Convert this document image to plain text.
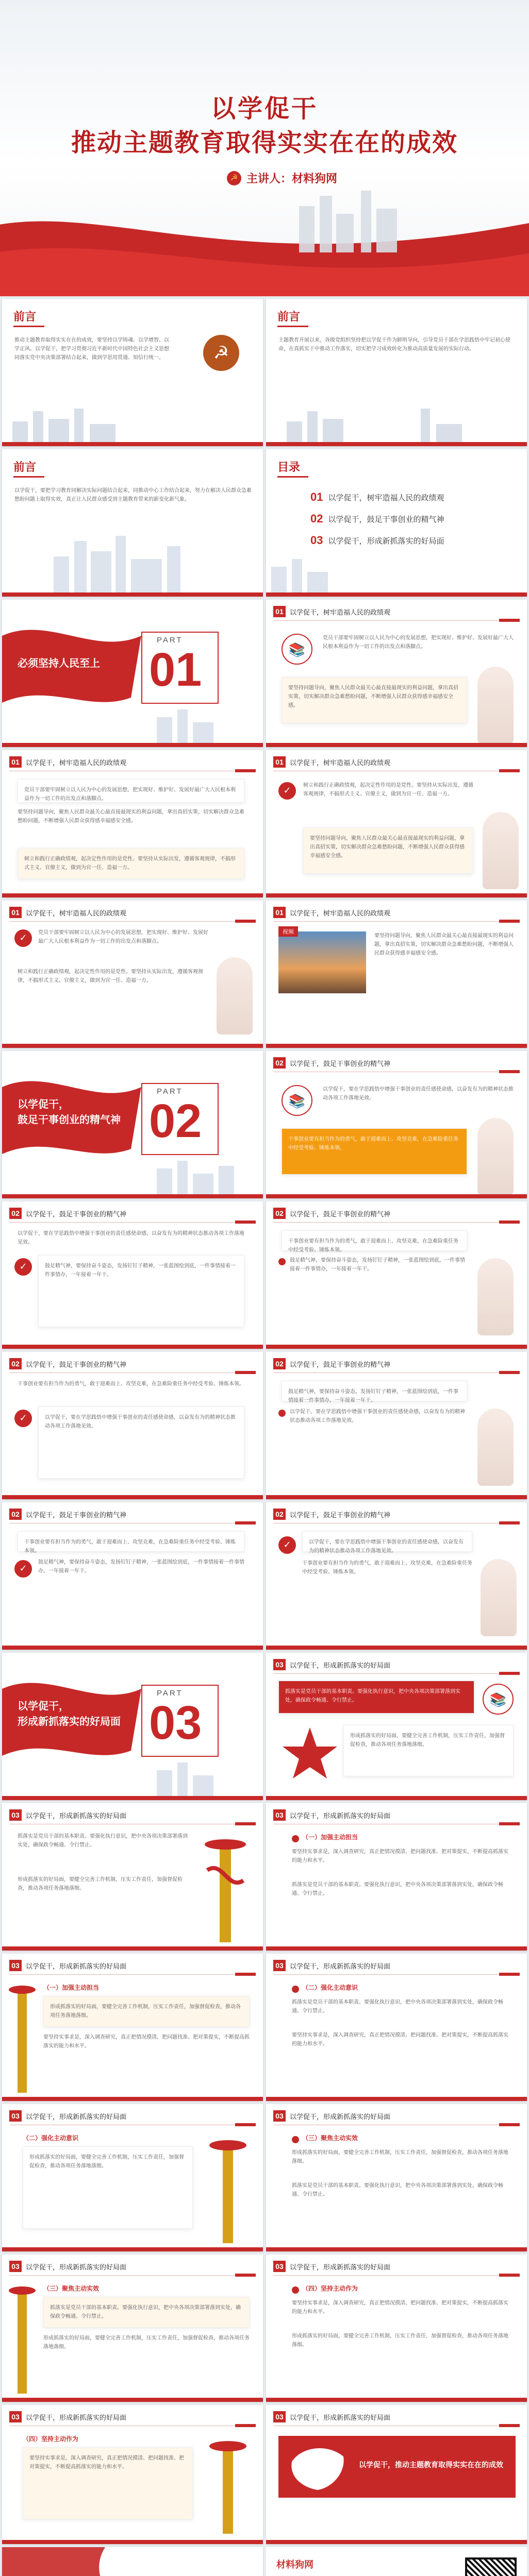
以学促干
推动主题教育取得实实在在的成效
☭ 主讲人：材料狗网
前言

推动主题教育取得实实在在的成效，要坚持以学铸魂、以学增智、以学正风、以学促干，把学习贯彻习近平新时代中国特色社会主义思想同落实党中央决策部署结合起来，做到学思用贯通、知信行统一。	☭
前言

主题教育开展以来，各级党组织坚持把以学促干作为鲜明导向，引导党员干部在学思践悟中牢记初心使命，在真抓实干中推动工作落实，切实把学习成效转化为推动高质量发展的实际行动。

前言

以学促干，要把学习教育同解决实际问题结合起来，同推动中心工作结合起来，努力在解决人民群众急难愁盼问题上取得实效，真正让人民群众感受到主题教育带来的新变化新气象。

目录
01 以学促干，树牢造福人民的政绩观
02 以学促干，鼓足干事创业的精气神
03 以学促干，形成新抓落实的好局面
必须坚持人民至上
PART
01
01 以学促干，树牢造福人民的政绩观
📚

党员干部要牢固树立以人民为中心的发展思想，把实现好、维护好、发展好最广大人民根本利益作为一切工作的出发点和落脚点。

要坚持问题导向，聚焦人民群众最关心最直接最现实的利益问题，拿出真招实策，切实解决群众急难愁盼问题，不断增强人民群众获得感幸福感安全感。
01 以学促干，树牢造福人民的政绩观
党员干部要牢固树立以人民为中心的发展思想，把实现好、维护好、发展好最广大人民根本利益作为一切工作的出发点和落脚点。

要坚持问题导向，聚焦人民群众最关心最直接最现实的利益问题，拿出真招实策，切实解决群众急难愁盼问题，不断增强人民群众获得感幸福感安全感。

树立和践行正确政绩观，起决定性作用的是党性。要坚持从实际出发，遵循客观规律，不搞形式主义、官僚主义，做到为官一任、造福一方。
01 以学促干，树牢造福人民的政绩观
✓	树立和践行正确政绩观，起决定性作用的是党性。要坚持从实际出发，遵循客观规律，不搞形式主义、官僚主义，做到为官一任、造福一方。

要坚持问题导向，聚焦人民群众最关心最直接最现实的利益问题，拿出真招实策，切实解决群众急难愁盼问题，不断增强人民群众获得感幸福感安全感。
01 以学促干，树牢造福人民的政绩观
✓	党员干部要牢固树立以人民为中心的发展思想，把实现好、维护好、发展好最广大人民根本利益作为一切工作的出发点和落脚点。

树立和践行正确政绩观，起决定性作用的是党性。要坚持从实际出发，遵循客观规律，不搞形式主义、官僚主义，做到为官一任、造福一方。

01 以学促干，树牢造福人民的政绩观
视频

要坚持问题导向，聚焦人民群众最关心最直接最现实的利益问题，拿出真招实策，切实解决群众急难愁盼问题，不断增强人民群众获得感幸福感安全感。

以学促干，
鼓足干事创业的精气神
PART
02
02 以学促干，鼓足干事创业的精气神
📚

以学促干，要在学思践悟中增强干事创业的责任感使命感，以奋发有为的精神状态推动各项工作落地见效。

干事创业要有担当作为的勇气，敢于迎难而上、攻坚克难，在急难险重任务中经受考验、锤炼本领。
02 以学促干，鼓足干事创业的精气神

以学促干，要在学思践悟中增强干事创业的责任感使命感，以奋发有为的精神状态推动各项工作落地见效。

✓	鼓足精气神，要保持奋斗姿态，发扬钉钉子精神，一张蓝图绘到底，一件事情接着一件事情办，一年接着一年干。
02 以学促干，鼓足干事创业的精气神
干事创业要有担当作为的勇气，敢于迎难而上、攻坚克难，在急难险重任务中经受考验、锤炼本领。

鼓足精气神，要保持奋斗姿态，发扬钉钉子精神，一张蓝图绘到底，一件事情接着一件事情办，一年接着一年干。

02 以学促干，鼓足干事创业的精气神

干事创业要有担当作为的勇气，敢于迎难而上、攻坚克难，在急难险重任务中经受考验、锤炼本领。

✓	以学促干，要在学思践悟中增强干事创业的责任感使命感，以奋发有为的精神状态推动各项工作落地见效。
02 以学促干，鼓足干事创业的精气神
鼓足精气神，要保持奋斗姿态，发扬钉钉子精神，一张蓝图绘到底，一件事情接着一件事情办，一年接着一年干。

以学促干，要在学思践悟中增强干事创业的责任感使命感，以奋发有为的精神状态推动各项工作落地见效。

02 以学促干，鼓足干事创业的精气神
干事创业要有担当作为的勇气，敢于迎难而上、攻坚克难，在急难险重任务中经受考验、锤炼本领。
✓

鼓足精气神，要保持奋斗姿态，发扬钉钉子精神，一张蓝图绘到底，一件事情接着一件事情办，一年接着一年干。

02 以学促干，鼓足干事创业的精气神
✓	以学促干，要在学思践悟中增强干事创业的责任感使命感，以奋发有为的精神状态推动各项工作落地见效。

干事创业要有担当作为的勇气，敢于迎难而上、攻坚克难，在急难险重任务中经受考验、锤炼本领。

以学促干，
形成新抓落实的好局面
PART
03
03 以学促干，形成新抓落实的好局面
抓落实是党员干部的基本职责。要强化执行意识，把中央各项决策部署落到实处，确保政令畅通、令行禁止。	📚
形成抓落实的好局面，要健全完善工作机制，压实工作责任，加强督促检查，推动各项任务落地落细。
03 以学促干，形成新抓落实的好局面

抓落实是党员干部的基本职责。要强化执行意识，把中央各项决策部署落到实处，确保政令畅通、令行禁止。

形成抓落实的好局面，要健全完善工作机制，压实工作责任，加强督促检查，推动各项任务落地落细。

03 以学促干，形成新抓落实的好局面
（一）加强主动担当

要坚持实事求是，深入调查研究，真正把情况摸清、把问题找准、把对策提实，不断提高抓落实的能力和水平。

抓落实是党员干部的基本职责。要强化执行意识，把中央各项决策部署落到实处，确保政令畅通、令行禁止。

03 以学促干，形成新抓落实的好局面
（一）加强主动担当
形成抓落实的好局面，要健全完善工作机制，压实工作责任，加强督促检查，推动各项任务落地落细。

要坚持实事求是，深入调查研究，真正把情况摸清、把问题找准、把对策提实，不断提高抓落实的能力和水平。

03 以学促干，形成新抓落实的好局面
（二）强化主动意识

抓落实是党员干部的基本职责。要强化执行意识，把中央各项决策部署落到实处，确保政令畅通、令行禁止。

要坚持实事求是，深入调查研究，真正把情况摸清、把问题找准、把对策提实，不断提高抓落实的能力和水平。

03 以学促干，形成新抓落实的好局面
（二）强化主动意识
形成抓落实的好局面，要健全完善工作机制，压实工作责任，加强督促检查，推动各项任务落地落细。
03 以学促干，形成新抓落实的好局面
（三）聚焦主动实效

形成抓落实的好局面，要健全完善工作机制，压实工作责任，加强督促检查，推动各项任务落地落细。

抓落实是党员干部的基本职责。要强化执行意识，把中央各项决策部署落到实处，确保政令畅通、令行禁止。

03 以学促干，形成新抓落实的好局面
（三）聚焦主动实效
抓落实是党员干部的基本职责。要强化执行意识，把中央各项决策部署落到实处，确保政令畅通、令行禁止。

形成抓落实的好局面，要健全完善工作机制，压实工作责任，加强督促检查，推动各项任务落地落细。

03 以学促干，形成新抓落实的好局面
（四）坚持主动作为

要坚持实事求是，深入调查研究，真正把情况摸清、把问题找准、把对策提实，不断提高抓落实的能力和水平。

形成抓落实的好局面，要健全完善工作机制，压实工作责任，加强督促检查，推动各项任务落地落细。

03 以学促干，形成新抓落实的好局面
（四）坚持主动作为
要坚持实事求是，深入调查研究，真正把情况摸清、把问题找准、把对策提实，不断提高抓落实的能力和水平。
03 以学促干，形成新抓落实的好局面
以学促干，推动主题教育取得实实在在的成效
材料狗网
